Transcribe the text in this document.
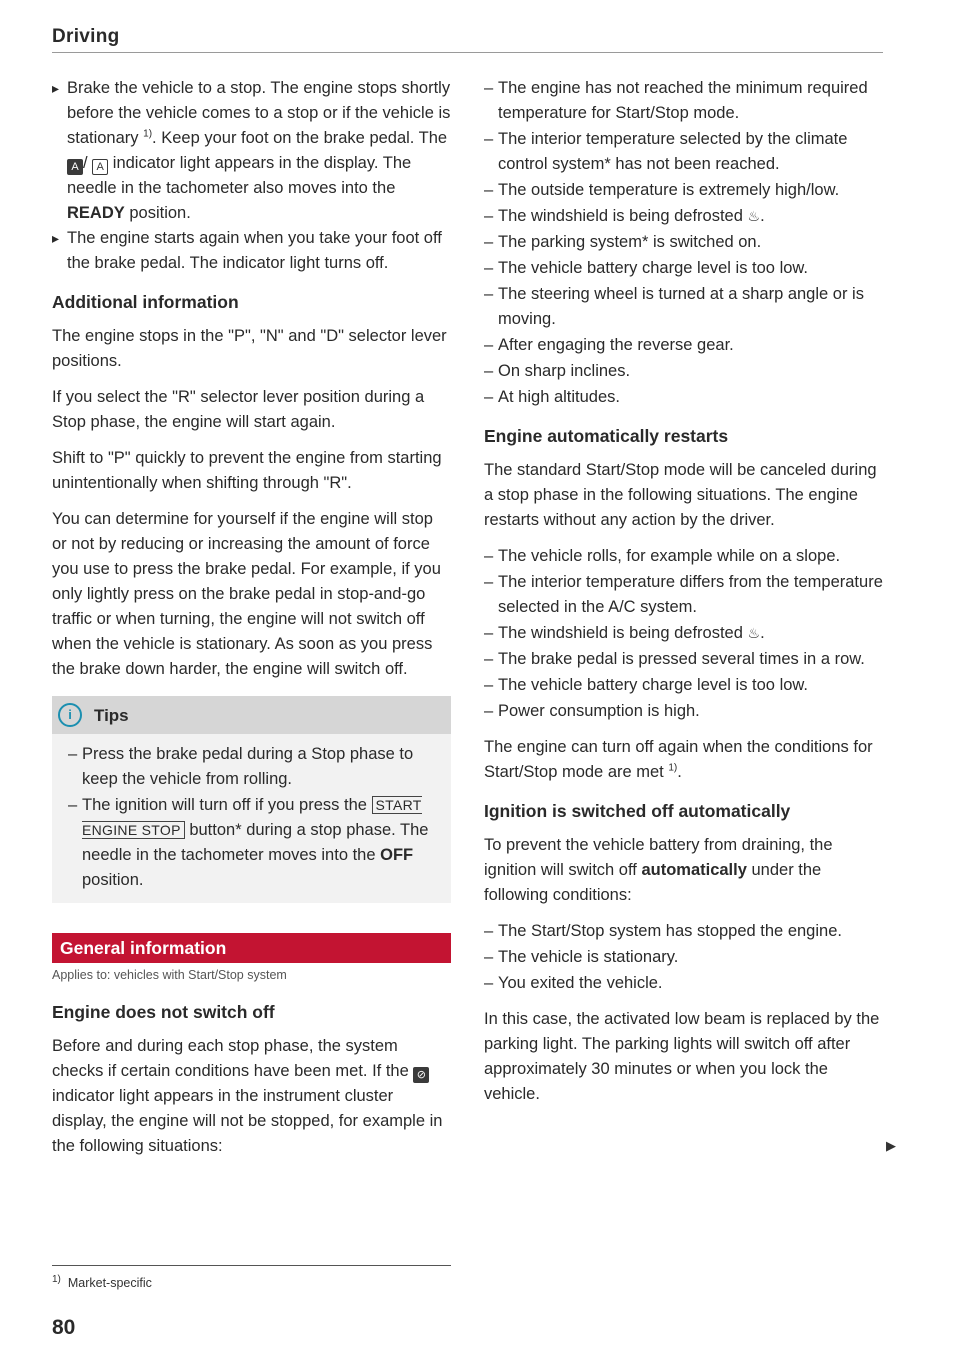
Driving

▸ Brake the vehicle to a stop. The engine stops shortly before the vehicle comes to a stop or if the vehicle is stationary $^{1)}$. Keep your foot on the brake pedal. The A / A indicator light appears in the display. The needle in the tachometer also moves into the READY position.

▸ The engine starts again when you take your foot off the brake pedal. The indicator light turns off.

Additional information

The engine stops in the "P", "N" and "D" selector lever positions.

If you select the "R" selector lever position during a Stop phase, the engine will start again.

Shift to "P" quickly to prevent the engine from starting unintentionally when shifting through "R".

You can determine for yourself if the engine will stop or not by reducing or increasing the amount of force you use to press the brake pedal. For example, if you only lightly press on the brake pedal in stop-and-go traffic or when turning, the engine will not switch off when the vehicle is stationary. As soon as you press the brake down harder, the engine will switch off.

i	Tips

– Press the brake pedal during a Stop phase to keep the vehicle from rolling.

– The ignition will turn off if you press the START ENGINE STOP button* during a stop phase. The needle in the tachometer moves into the OFF position.

General information

Applies to: vehicles with Start/Stop system

Engine does not switch off

Before and during each stop phase, the system checks if certain conditions have been met. If the ⊘ indicator light appears in the instrument cluster display, the engine will not be stopped, for example in the following situations:

– The engine has not reached the minimum required temperature for Start/Stop mode.

– The interior temperature selected by the climate control system* has not been reached.

– The outside temperature is extremely high/low.

– The windshield is being defrosted ♨.

– The parking system* is switched on.

– The vehicle battery charge level is too low.

– The steering wheel is turned at a sharp angle or is moving.

– After engaging the reverse gear.

– On sharp inclines.

– At high altitudes.

Engine automatically restarts

The standard Start/Stop mode will be canceled during a stop phase in the following situations. The engine restarts without any action by the driver.

– The vehicle rolls, for example while on a slope.

– The interior temperature differs from the temperature selected in the A/C system.

– The windshield is being defrosted ♨.

– The brake pedal is pressed several times in a row.

– The vehicle battery charge level is too low.

– Power consumption is high.

The engine can turn off again when the conditions for Start/Stop mode are met $^{1)}$.

Ignition is switched off automatically

To prevent the vehicle battery from draining, the ignition will switch off automatically under the following conditions:

– The Start/Stop system has stopped the engine.

– The vehicle is stationary.

– You exited the vehicle.

In this case, the activated low beam is replaced by the parking light. The parking lights will switch off after approximately 30 minutes or when you lock the vehicle.

▶
$^{1)}$ Market-specific
80
